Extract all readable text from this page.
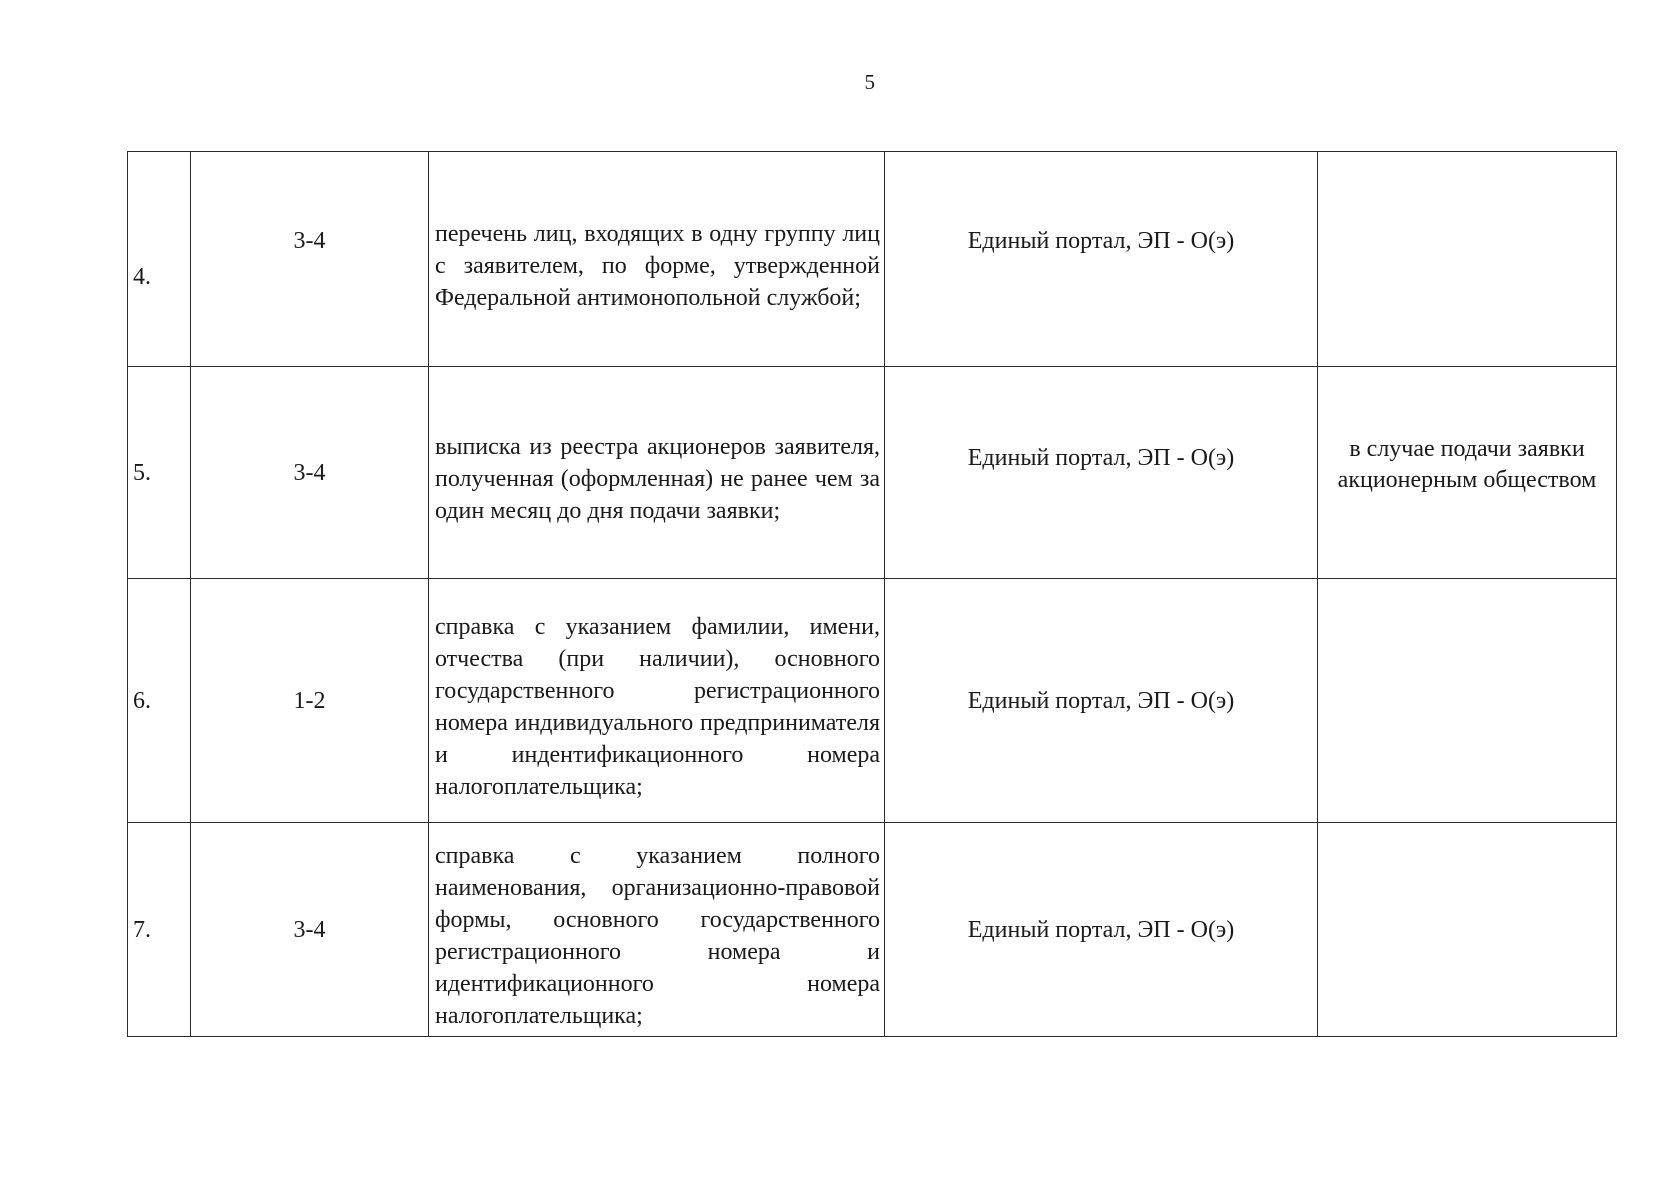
5
4.	3-4	перечень лиц, входящих в одну группу лиц с заявителем, по форме, утвержденной Федеральной антимонопольной службой;	Единый портал, ЭП - О(э)	
5.	3-4	выписка из реестра акционеров заявителя, полученная (оформленная) не ранее чем за один месяц до дня подачи заявки;	Единый портал, ЭП - О(э)	в случае подачи заявки акционерным обществом
6.	1-2	справка с указанием фамилии, имени, отчества (при наличии), основного государственного регистрационного номера индивидуального предпринимателя и индентификационного номера налогоплательщика;	Единый портал, ЭП - О(э)	
7.	3-4	справка с указанием полного наименования, организационно-правовой формы, основного государственного регистрационного номера и идентификационного номера налогоплательщика;	Единый портал, ЭП - О(э)	
